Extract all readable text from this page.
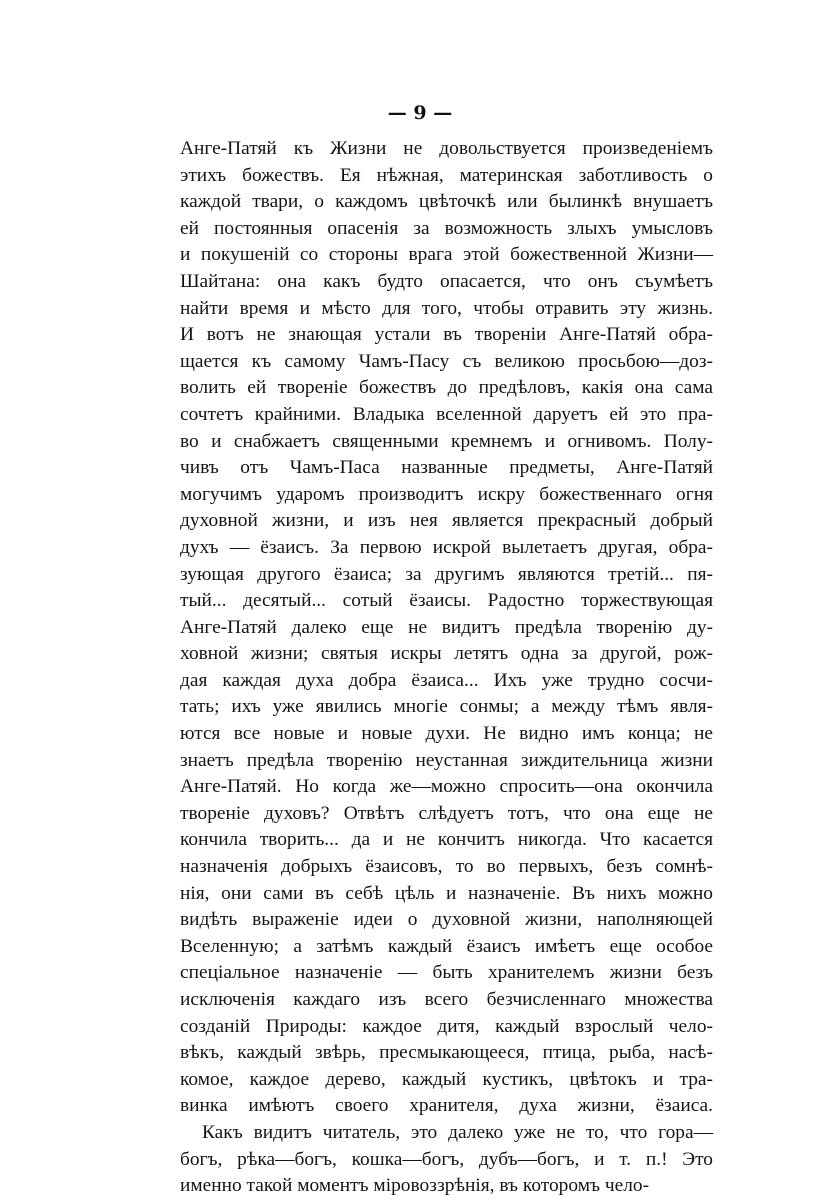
— 9 —
Анге-Патяй къ Жизни не довольствуется произведеніемъ
этихъ божествъ. Ея нѣжная, материнская заботливость о
каждой твари, о каждомъ цвѣточкѣ или былинкѣ внушаетъ
ей постоянныя опасенія за возможность злыхъ умысловъ
и покушеній со стороны врага этой божественной Жизни—
Шайтана: она какъ будто опасается, что онъ съумѣетъ
найти время и мѣсто для того, чтобы отравить эту жизнь.
И вотъ не знающая устали въ твореніи Анге-Патяй обра-
щается къ самому Чамъ-Пасу съ великою просьбою—доз-
волить ей твореніе божествъ до предѣловъ, какія она сама
сочтетъ крайними. Владыка вселенной даруетъ ей это пра-
во и снабжаетъ священными кремнемъ и огнивомъ. Полу-
чивъ отъ Чамъ-Паса названные предметы, Анге-Патяй
могучимъ ударомъ производитъ искру божественнаго огня
духовной жизни, и изъ нея является прекрасный добрый
духъ — ёзаисъ. За первою искрой вылетаетъ другая, обра-
зующая другого ёзаиса; за другимъ являются третій... пя-
тый... десятый... сотый ёзаисы. Радостно торжествующая
Анге-Патяй далеко еще не видитъ предѣла творенію ду-
ховной жизни; святыя искры летятъ одна за другой, рож-
дая каждая духа добра ёзаиса... Ихъ уже трудно сосчи-
тать; ихъ уже явились многіе сонмы; а между тѣмъ явля-
ются все новые и новые духи. Не видно имъ конца; не
знаетъ предѣла творенію неустанная зиждительница жизни
Анге-Патяй. Но когда же—можно спросить—она окончила
твореніе духовъ? Отвѣтъ слѣдуетъ тотъ, что она еще не
кончила творить... да и не кончитъ никогда. Что касается
назначенія добрыхъ ёзаисовъ, то во первыхъ, безъ сомнѣ-
нія, они сами въ себѣ цѣль и назначеніе. Въ нихъ можно
видѣть выраженіе идеи о духовной жизни, наполняющей
Вселенную; а затѣмъ каждый ёзаисъ имѣетъ еще особое
спеціальное назначеніе — быть хранителемъ жизни безъ
исключенія каждаго изъ всего безчисленнаго множества
созданій Природы: каждое дитя, каждый взрослый чело-
вѣкъ, каждый звѣрь, пресмыкающееся, птица, рыба, насѣ-
комое, каждое дерево, каждый кустикъ, цвѣтокъ и тра-
винка имѣютъ своего хранителя, духа жизни, ёзаиса.
Какъ видитъ читатель, это далеко уже не то, что гора—
богъ, рѣка—богъ, кошка—богъ, дубъ—богъ, и т. п.! Это
именно такой моментъ міровоззрѣнія, въ которомъ чело-
